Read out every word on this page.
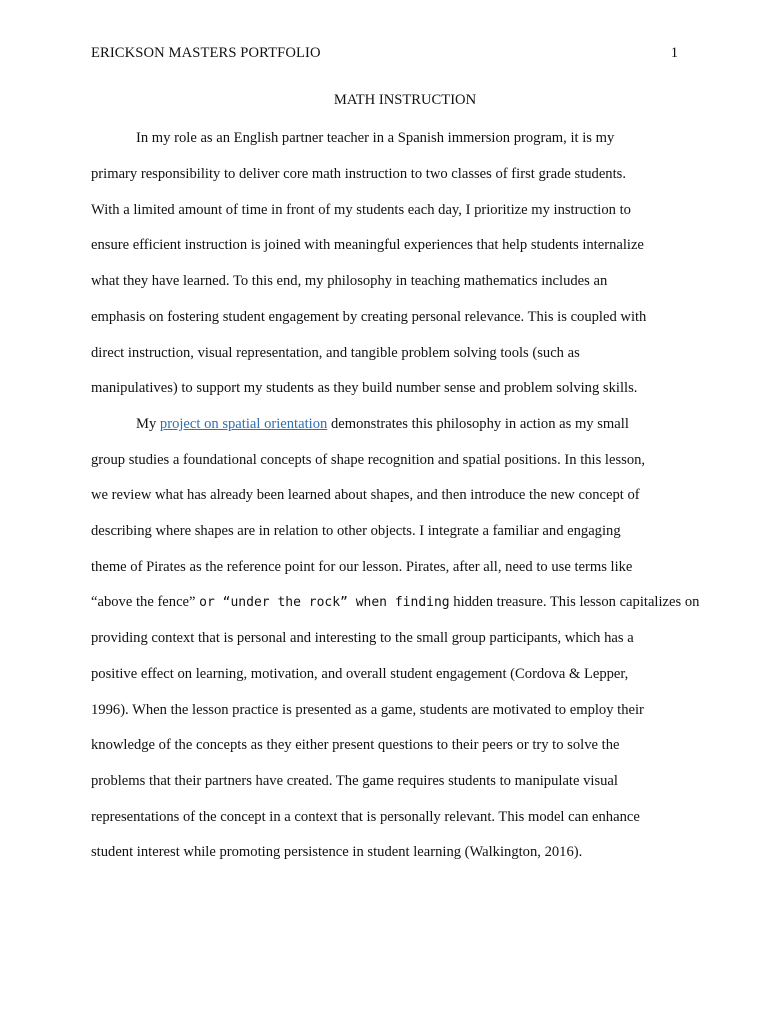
ERICKSON MASTERS PORTFOLIO	1
MATH INSTRUCTION
In my role as an English partner teacher in a Spanish immersion program, it is my
primary responsibility to deliver core math instruction to two classes of first grade students.
With a limited amount of time in front of my students each day, I prioritize my instruction to
ensure efficient instruction is joined with meaningful experiences that help students internalize
what they have learned. To this end, my philosophy in teaching mathematics includes an
emphasis on fostering student engagement by creating personal relevance. This is coupled with
direct instruction, visual representation, and tangible problem solving tools (such as
manipulatives) to support my students as they build number sense and problem solving skills.
My project on spatial orientation demonstrates this philosophy in action as my small
group studies a foundational concepts of shape recognition and spatial positions. In this lesson,
we review what has already been learned about shapes, and then introduce the new concept of
describing where shapes are in relation to other objects. I integrate a familiar and engaging
theme of Pirates as the reference point for our lesson. Pirates, after all, need to use terms like
“above the fence” or “under the rock” when finding hidden treasure. This lesson capitalizes on
providing context that is personal and interesting to the small group participants, which has a
positive effect on learning, motivation, and overall student engagement (Cordova & Lepper,
1996). When the lesson practice is presented as a game, students are motivated to employ their
knowledge of the concepts as they either present questions to their peers or try to solve the
problems that their partners have created. The game requires students to manipulate visual
representations of the concept in a context that is personally relevant. This model can enhance
student interest while promoting persistence in student learning (Walkington, 2016).
